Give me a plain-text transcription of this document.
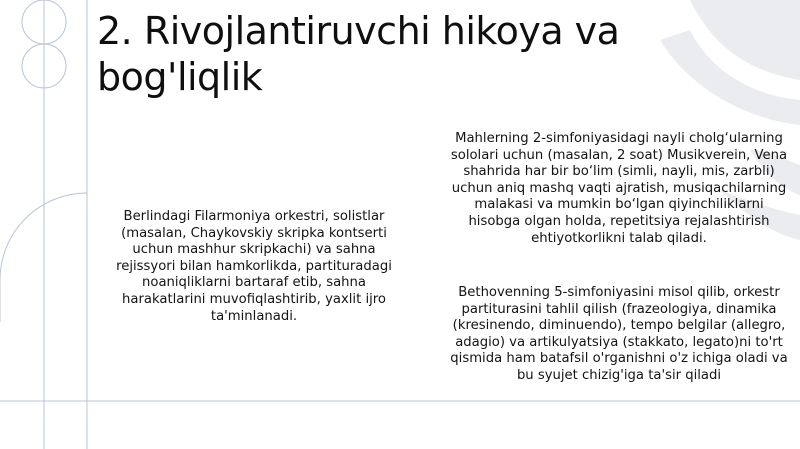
2. Rivojlantiruvchi hikoya va bog'liqlik

Berlindagi Filarmoniya orkestri, solistlar (masalan, Chaykovskiy skripka kontserti uchun mashhur skripkachi) va sahna rejissyori bilan hamkorlikda, partituradagi noaniqliklarni bartaraf etib, sahna harakatlarini muvofiqlashtirib, yaxlit ijro ta'minlanadi.

Mahlerning 2-simfoniyasidagi nayli cholg‘ularning sololari uchun (masalan, 2 soat) Musikverein, Vena shahrida har bir bo‘lim (simli, nayli, mis, zarbli) uchun aniq mashq vaqti ajratish, musiqachilarning malakasi va mumkin bo‘lgan qiyinchiliklarni hisobga olgan holda, repetitsiya rejalashtirish ehtiyotkorlikni talab qiladi.

Bethovenning 5-simfoniyasini misol qilib, orkestr partiturasini tahlil qilish (frazeologiya, dinamika (kresinendo, diminuendo), tempo belgilar (allegro, adagio) va artikulyatsiya (stakkato, legato)ni to'rt qismida ham batafsil o'rganishni o'z ichiga oladi va bu syujet chizig'iga ta'sir qiladi
